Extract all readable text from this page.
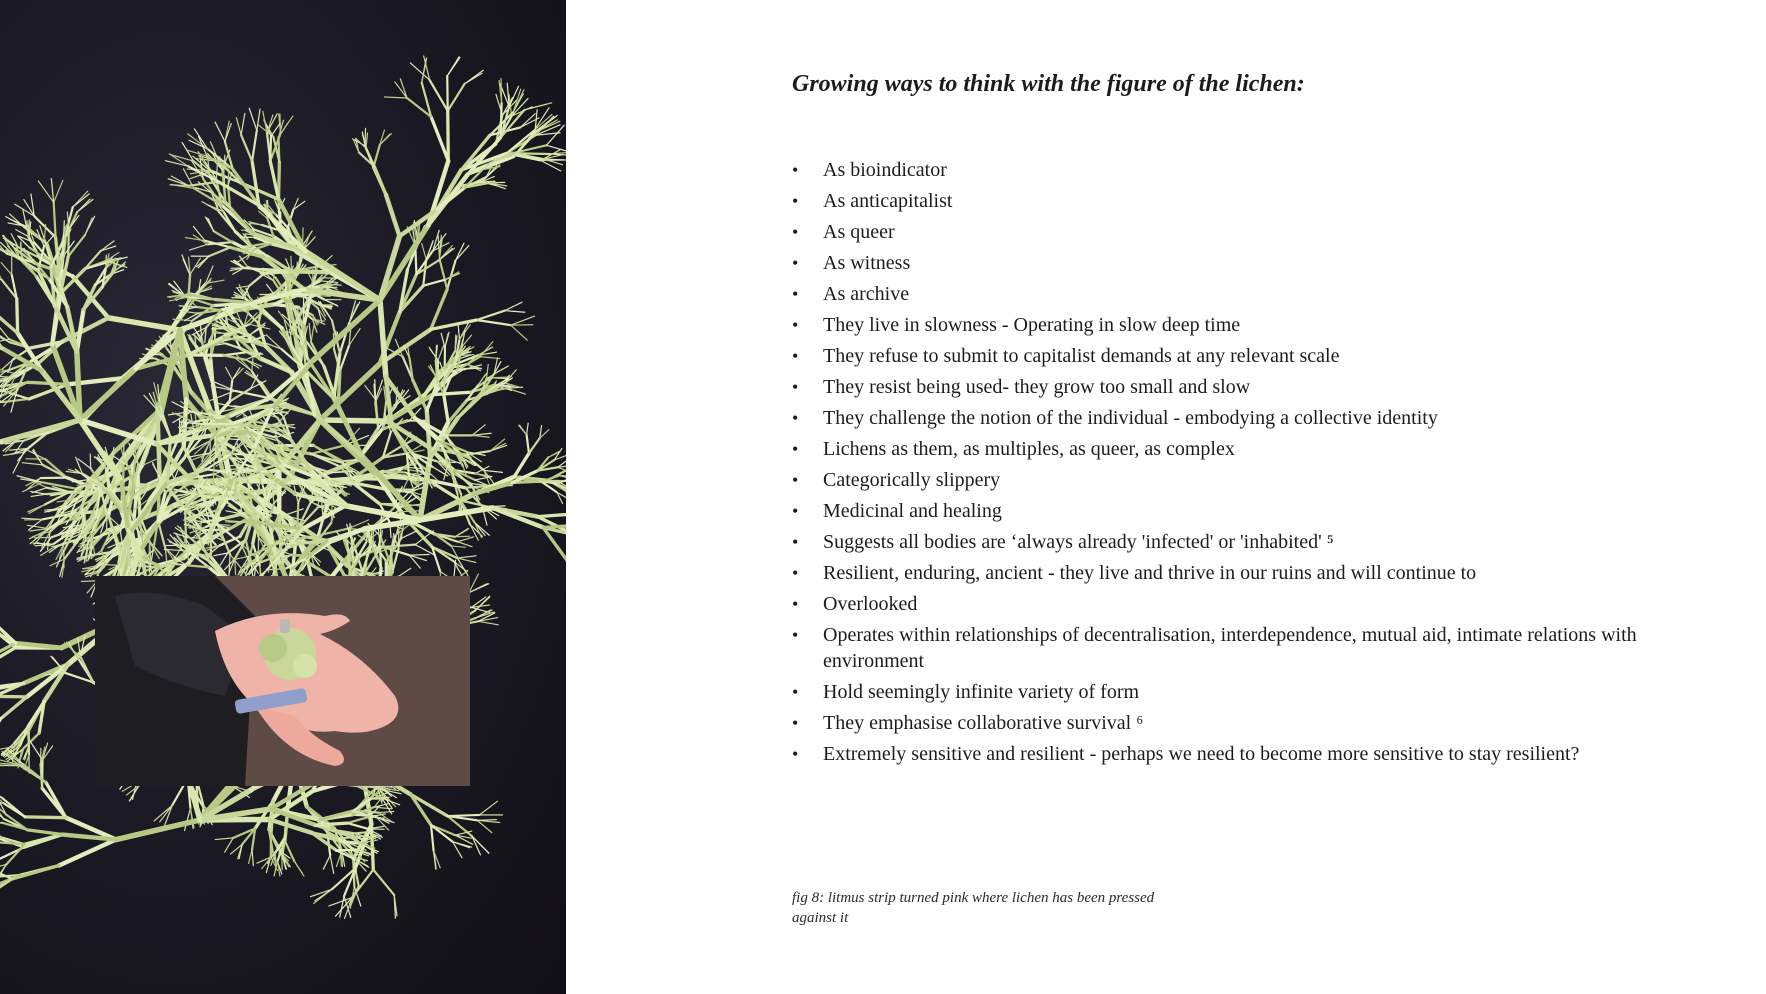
Growing ways to think with the figure of the lichen:
• As bioindicator
• As anticapitalist
• As queer
• As witness
• As archive
• They live in slowness - Operating in slow deep time
• They refuse to submit to capitalist demands at any relevant scale
• They resist being used- they grow too small and slow
• They challenge the notion of the individual - embodying a collective identity
• Lichens as them, as multiples, as queer, as complex
• Categorically slippery
• Medicinal and healing
• Suggests all bodies are ‘always already 'infected' or 'inhabited' ⁵
• Resilient, enduring, ancient - they live and thrive in our ruins and will continue to
• Overlooked
• Operates within relationships of decentralisation, interdependence, mutual aid, intimate relations with environment
• Hold seemingly infinite variety of form
• They emphasise collaborative survival ⁶
• Extremely sensitive and resilient - perhaps we need to become more sensitive to stay resilient?
fig 8: litmus strip turned pink where lichen has been pressed against it
